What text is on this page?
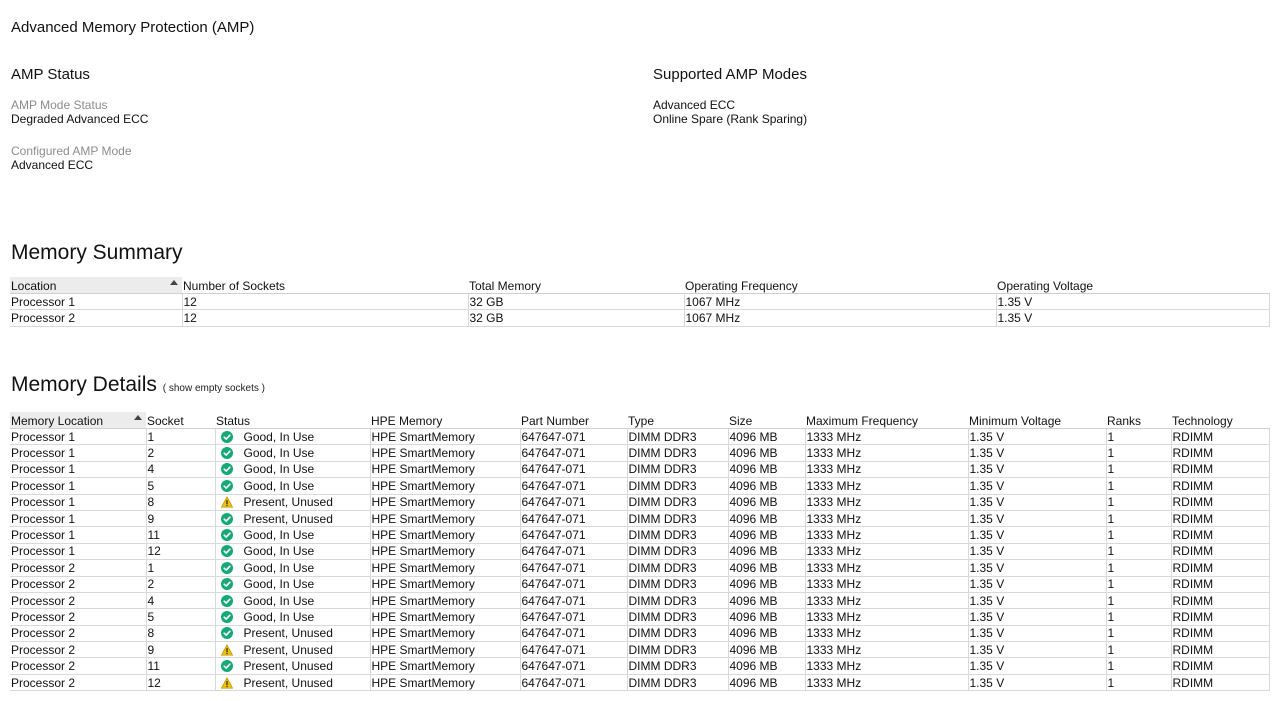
Advanced Memory Protection (AMP)
AMP Status
AMP Mode Status
Degraded Advanced ECC
Configured AMP Mode
Advanced ECC
Supported AMP Modes
Advanced ECC
Online Spare (Rank Sparing)
Memory Summary
Location	Number of Sockets	Total Memory	Operating Frequency	Operating Voltage
Processor 1	12	32 GB	1067 MHz	1.35 V
Processor 2	12	32 GB	1067 MHz	1.35 V
Memory Details ( show empty sockets )
Memory Location	Socket	Status	HPE Memory	Part Number	Type	Size	Maximum Frequency	Minimum Voltage	Ranks	Technology
Processor 1	1	Good, In Use	HPE SmartMemory	647647-071	DIMM DDR3	4096 MB	1333 MHz	1.35 V	1	RDIMM
Processor 1	2	Good, In Use	HPE SmartMemory	647647-071	DIMM DDR3	4096 MB	1333 MHz	1.35 V	1	RDIMM
Processor 1	4	Good, In Use	HPE SmartMemory	647647-071	DIMM DDR3	4096 MB	1333 MHz	1.35 V	1	RDIMM
Processor 1	5	Good, In Use	HPE SmartMemory	647647-071	DIMM DDR3	4096 MB	1333 MHz	1.35 V	1	RDIMM
Processor 1	8	Present, Unused	HPE SmartMemory	647647-071	DIMM DDR3	4096 MB	1333 MHz	1.35 V	1	RDIMM
Processor 1	9	Present, Unused	HPE SmartMemory	647647-071	DIMM DDR3	4096 MB	1333 MHz	1.35 V	1	RDIMM
Processor 1	11	Good, In Use	HPE SmartMemory	647647-071	DIMM DDR3	4096 MB	1333 MHz	1.35 V	1	RDIMM
Processor 1	12	Good, In Use	HPE SmartMemory	647647-071	DIMM DDR3	4096 MB	1333 MHz	1.35 V	1	RDIMM
Processor 2	1	Good, In Use	HPE SmartMemory	647647-071	DIMM DDR3	4096 MB	1333 MHz	1.35 V	1	RDIMM
Processor 2	2	Good, In Use	HPE SmartMemory	647647-071	DIMM DDR3	4096 MB	1333 MHz	1.35 V	1	RDIMM
Processor 2	4	Good, In Use	HPE SmartMemory	647647-071	DIMM DDR3	4096 MB	1333 MHz	1.35 V	1	RDIMM
Processor 2	5	Good, In Use	HPE SmartMemory	647647-071	DIMM DDR3	4096 MB	1333 MHz	1.35 V	1	RDIMM
Processor 2	8	Present, Unused	HPE SmartMemory	647647-071	DIMM DDR3	4096 MB	1333 MHz	1.35 V	1	RDIMM
Processor 2	9	Present, Unused	HPE SmartMemory	647647-071	DIMM DDR3	4096 MB	1333 MHz	1.35 V	1	RDIMM
Processor 2	11	Present, Unused	HPE SmartMemory	647647-071	DIMM DDR3	4096 MB	1333 MHz	1.35 V	1	RDIMM
Processor 2	12	Present, Unused	HPE SmartMemory	647647-071	DIMM DDR3	4096 MB	1333 MHz	1.35 V	1	RDIMM
